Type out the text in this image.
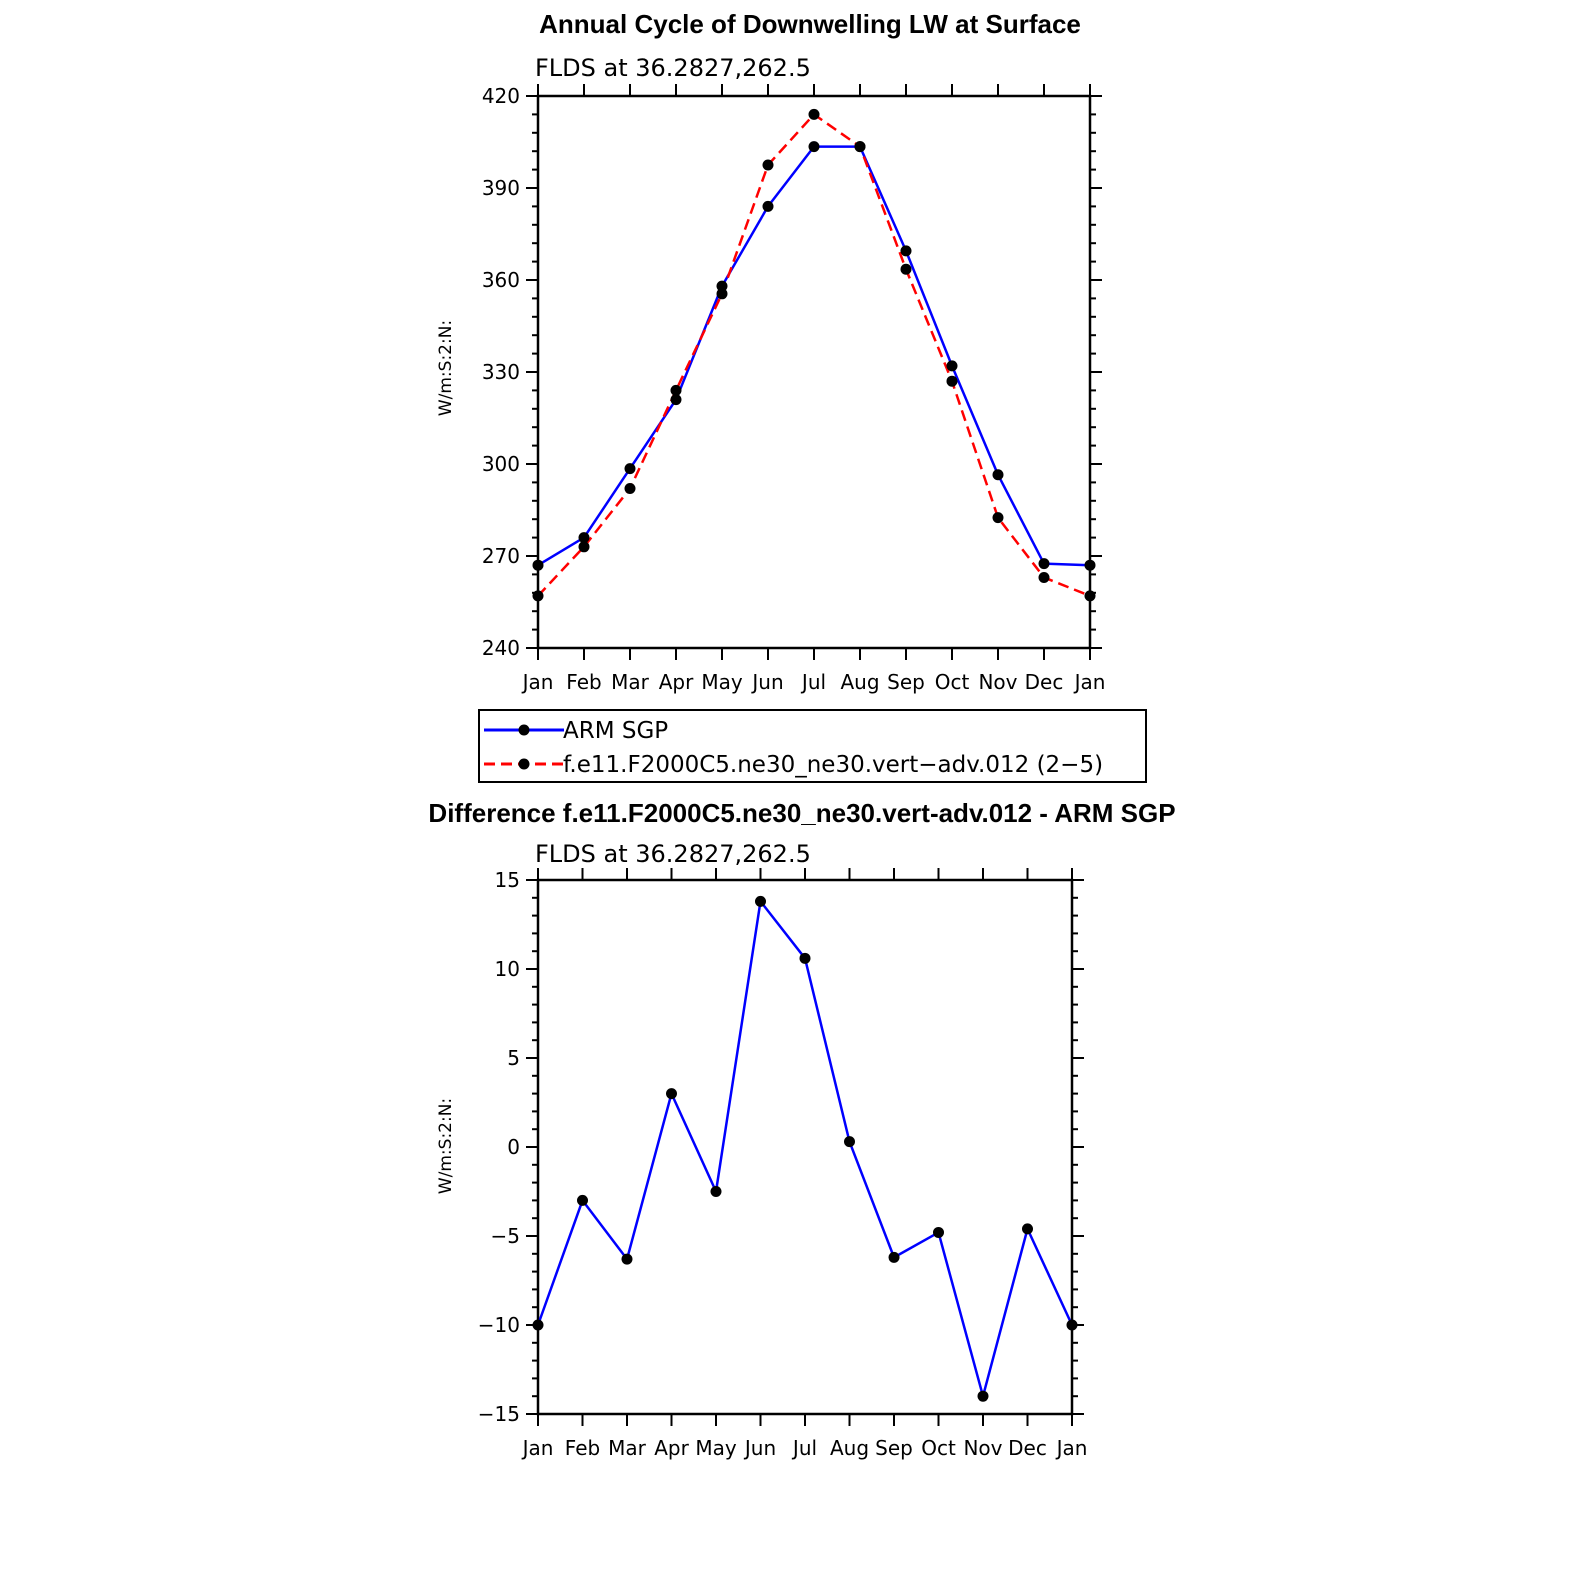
Annual Cycle of Downwelling LW at Surface
FLDS at 36.2827,262.5
W/m:S:2:N:
240
270
300
330
360
390
420
Jan Feb Mar Apr May Jun Jul Aug Sep Oct Nov Dec Jan
ARM SGP
f.e11.F2000C5.ne30_ne30.vert−adv.012 (2−5)
Difference f.e11.F2000C5.ne30_ne30.vert-adv.012 - ARM SGP
FLDS at 36.2827,262.5
W/m:S:2:N:
−15
−10
−5
0
5
10
15
Jan Feb Mar Apr May Jun Jul Aug Sep Oct Nov Dec Jan
